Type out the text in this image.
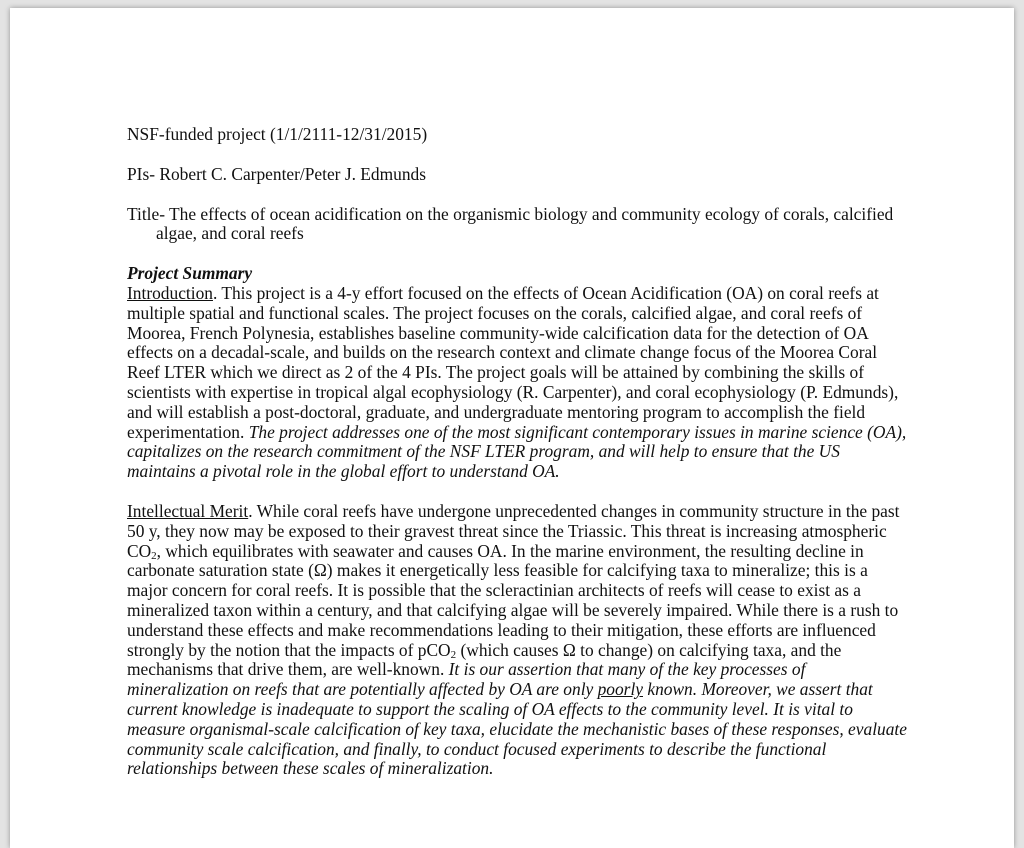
NSF-funded project (1/1/2111-12/31/2015)

PIs- Robert C. Carpenter/Peter J. Edmunds

Title- The effects of ocean acidification on the organismic biology and community ecology of corals, calcified algae, and coral reefs

Project Summary

Introduction. This project is a 4-y effort focused on the effects of Ocean Acidification (OA) on coral reefs at multiple spatial and functional scales. The project focuses on the corals, calcified algae, and coral reefs of Moorea, French Polynesia, establishes baseline community-wide calcification data for the detection of OA effects on a decadal-scale, and builds on the research context and climate change focus of the Moorea Coral Reef LTER which we direct as 2 of the 4 PIs. The project goals will be attained by combining the skills of scientists with expertise in tropical algal ecophysiology (R. Carpenter), and coral ecophysiology (P. Edmunds), and will establish a post-doctoral, graduate, and undergraduate mentoring program to accomplish the field experimentation. The project addresses one of the most significant contemporary issues in marine science (OA), capitalizes on the research commitment of the NSF LTER program, and will help to ensure that the US maintains a pivotal role in the global effort to understand OA.

Intellectual Merit. While coral reefs have undergone unprecedented changes in community structure in the past 50 y, they now may be exposed to their gravest threat since the Triassic. This threat is increasing atmospheric $CO_2$, which equilibrates with seawater and causes OA. In the marine environment, the resulting decline in carbonate saturation state (Ω) makes it energetically less feasible for calcifying taxa to mineralize; this is a major concern for coral reefs. It is possible that the scleractinian architects of reefs will cease to exist as a mineralized taxon within a century, and that calcifying algae will be severely impaired. While there is a rush to understand these effects and make recommendations leading to their mitigation, these efforts are influenced strongly by the notion that the impacts of pCO$_2$ (which causes Ω to change) on calcifying taxa, and the mechanisms that drive them, are well-known. It is our assertion that many of the key processes of mineralization on reefs that are potentially affected by OA are only poorly known. Moreover, we assert that current knowledge is inadequate to support the scaling of OA effects to the community level. It is vital to measure organismal-scale calcification of key taxa, elucidate the mechanistic bases of these responses, evaluate community scale calcification, and finally, to conduct focused experiments to describe the functional relationships between these scales of mineralization.
